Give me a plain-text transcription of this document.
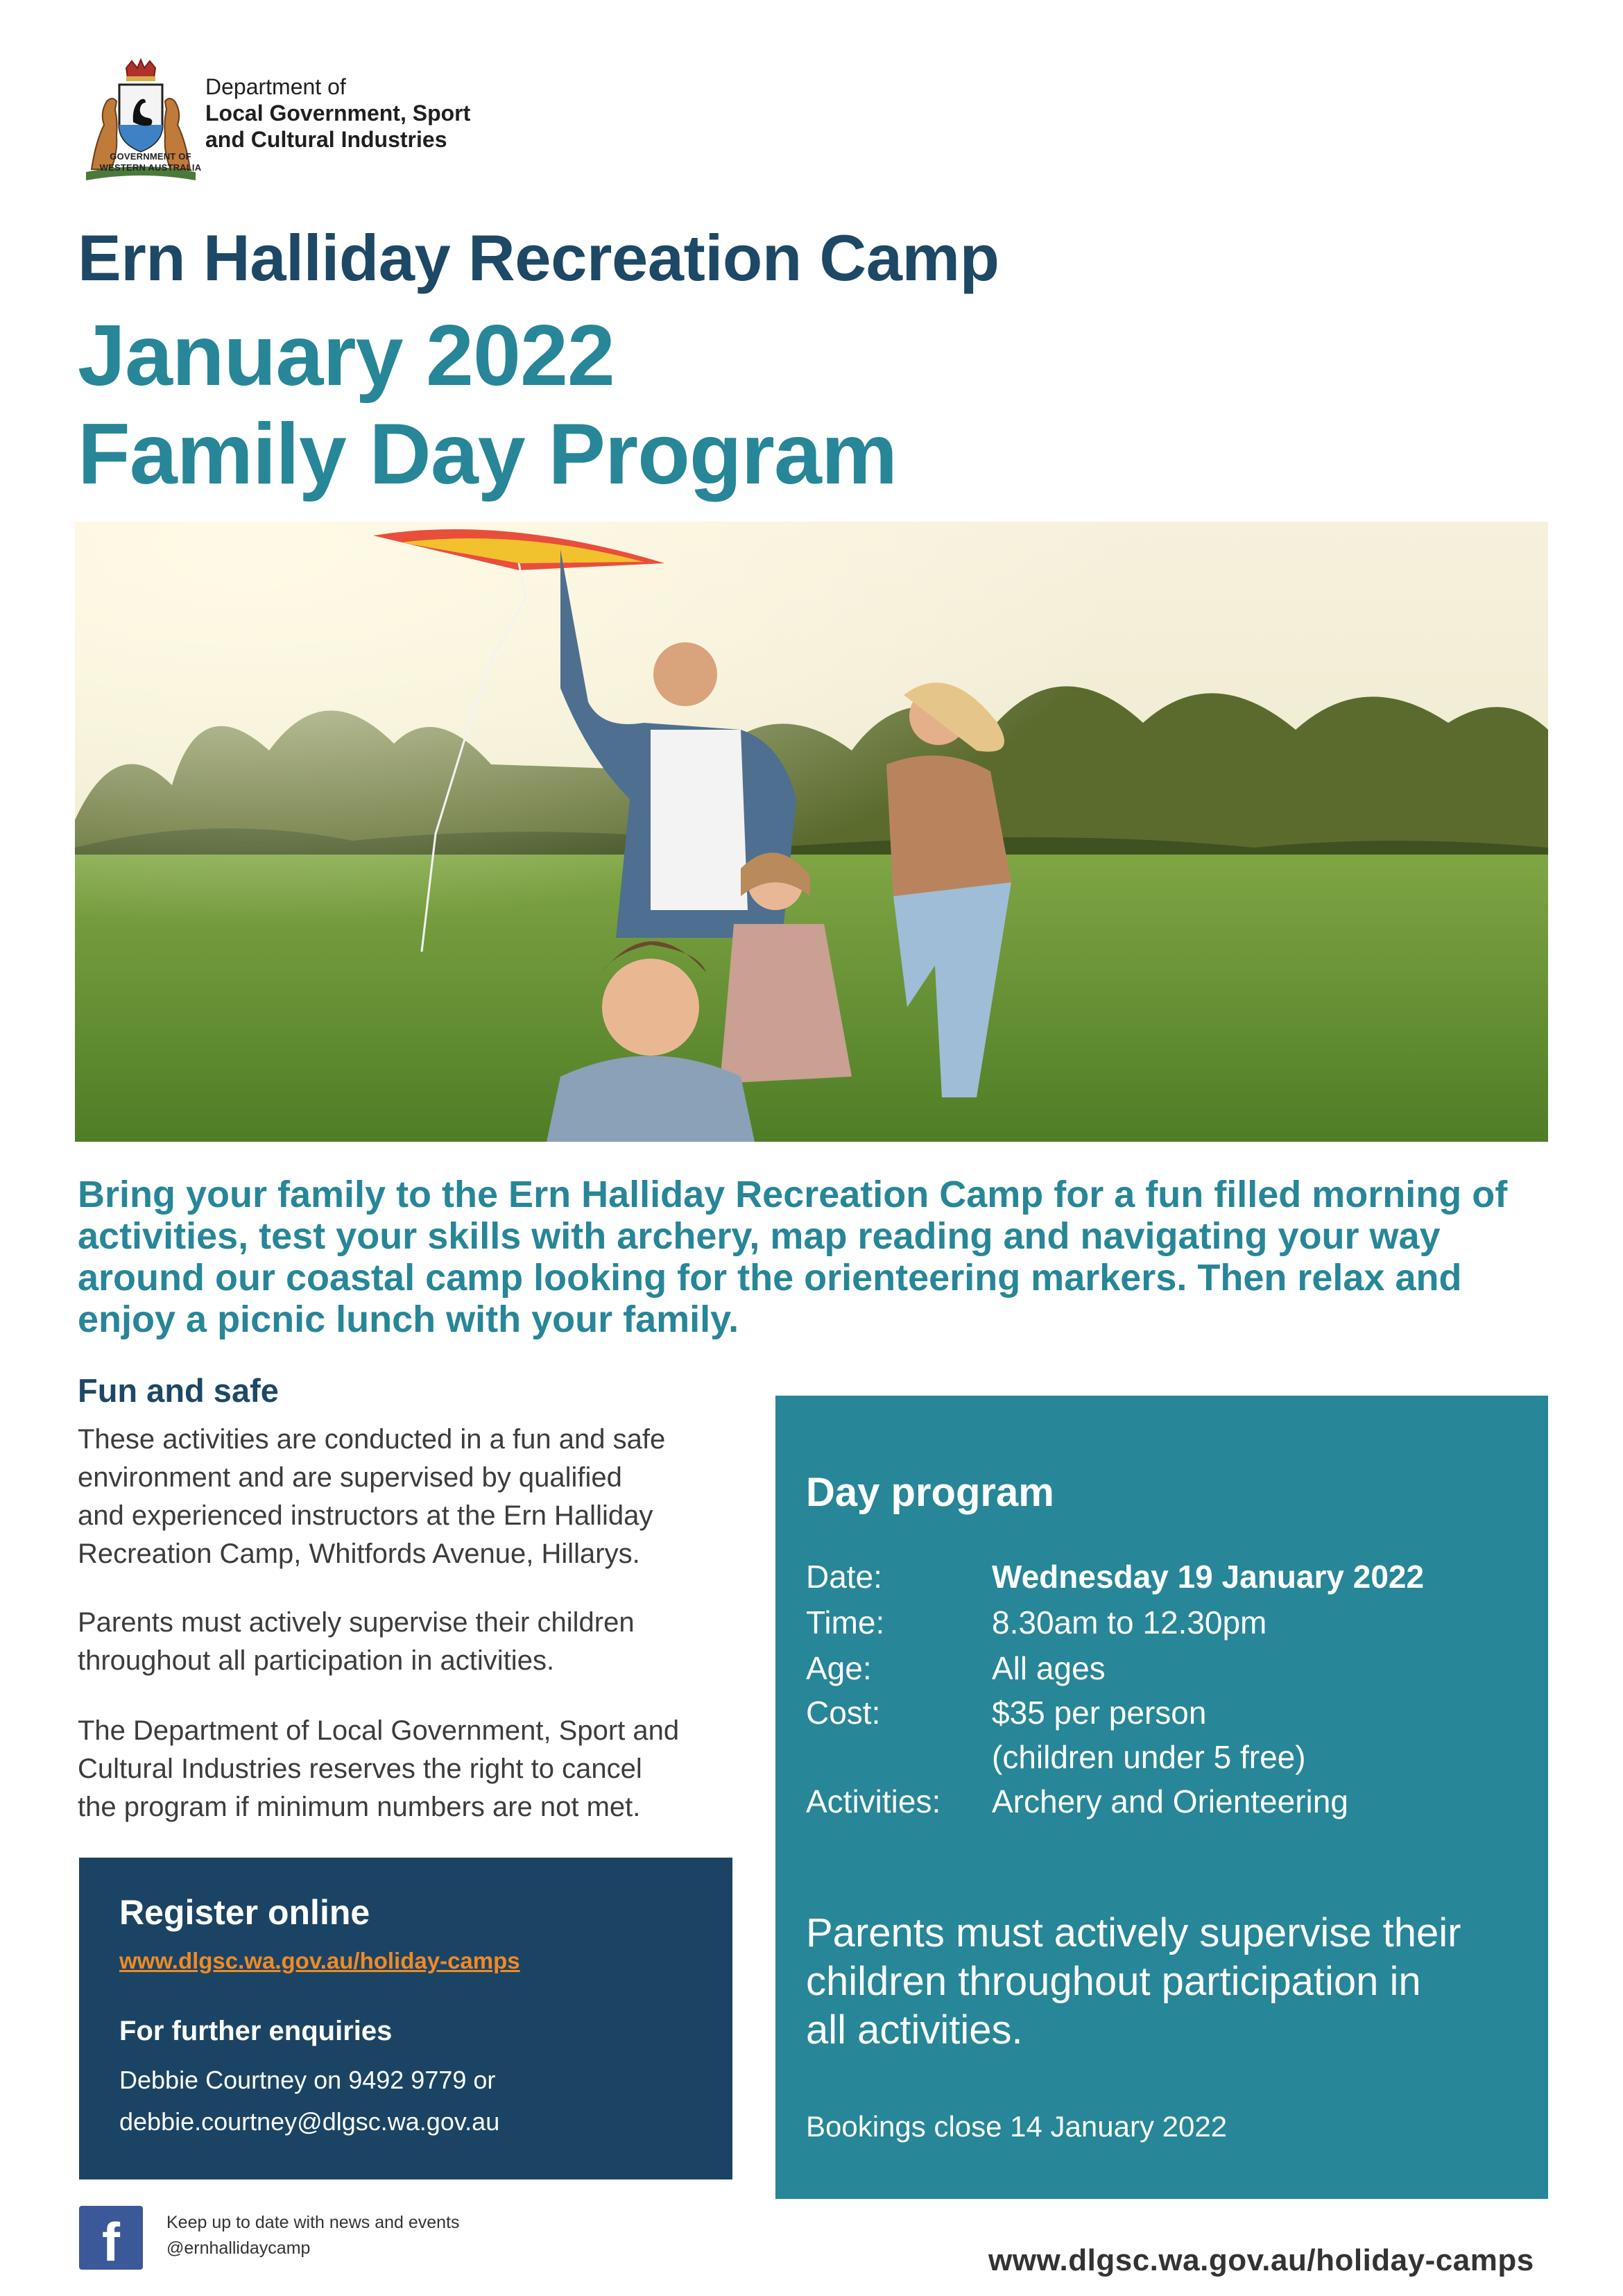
GOVERNMENT OF
WESTERN AUSTRALIA
Department of
Local Government, Sport
and Cultural Industries
Ern Halliday Recreation Camp
January 2022
Family Day Program
Bring your family to the Ern Halliday Recreation Camp for a fun filled morning of activities, test your skills with archery, map reading and navigating your way around our coastal camp looking for the orienteering markers. Then relax and enjoy a picnic lunch with your family.
Fun and safe
These activities are conducted in a fun and safe
environment and are supervised by qualified
and experienced instructors at the Ern Halliday
Recreation Camp, Whitfords Avenue, Hillarys.
Parents must actively supervise their children
throughout all participation in activities.
The Department of Local Government, Sport and
Cultural Industries reserves the right to cancel
the program if minimum numbers are not met.
Register online
www.dlgsc.wa.gov.au/holiday-camps
For further enquiries
Debbie Courtney on 9492 9779 or
debbie.courtney@dlgsc.wa.gov.au
Day program
Date:	Wednesday 19 January 2022
Time:	8.30am to 12.30pm
Age:	All ages
Cost:	$35 per person
(children under 5 free)
Activities: Archery and Orienteering
Parents must actively supervise their
children throughout participation in
all activities.
Bookings close 14 January 2022
f	Keep up to date with news and events
@ernhallidaycamp	www.dlgsc.wa.gov.au/holiday-camps
